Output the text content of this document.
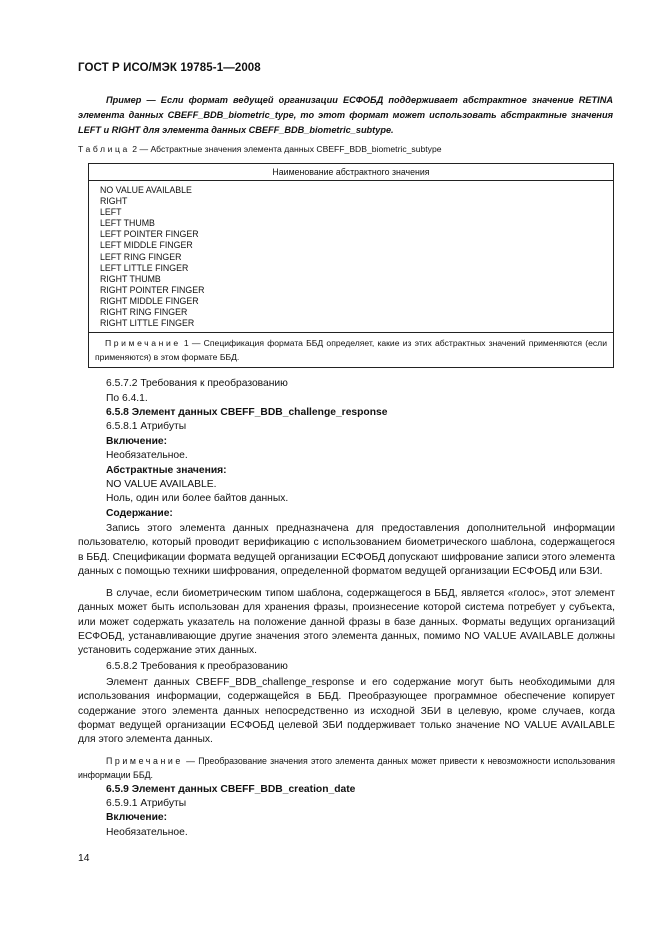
ГОСТ Р ИСО/МЭК 19785-1—2008

Пример — Если формат ведущей организации ЕСФОБД поддерживает абстрактное значение RETINA элемента данных CBEFF_BDB_biometric_type, то этот формат может использовать абстрактные значения LEFT и RIGHT для элемента данных CBEFF_BDB_biometric_subtype.

Таблица 2 — Абстрактные значения элемента данных CBEFF_BDB_biometric_subtype
Наименование абстрактного значения
NO VALUE AVAILABLE
RIGHT
LEFT
LEFT THUMB
LEFT POINTER FINGER
LEFT MIDDLE FINGER
LEFT RING FINGER
LEFT LITTLE FINGER
RIGHT THUMB
RIGHT POINTER FINGER
RIGHT MIDDLE FINGER
RIGHT RING FINGER
RIGHT LITTLE FINGER

Примечание 1 — Спецификация формата ББД определяет, какие из этих абстрактных значений применяются (если применяются) в этом формате ББД.

6.5.7.2 Требования к преобразованию
По 6.4.1.
6.5.8 Элемент данных CBEFF_BDB_challenge_response
6.5.8.1 Атрибуты
Включение:
Необязательное.
Абстрактные значения:
NO VALUE AVAILABLE.
Ноль, один или более байтов данных.
Содержание:

Запись этого элемента данных предназначена для предоставления дополнительной информации пользователю, который проводит верификацию с использованием биометрического шаблона, содержащегося в ББД. Спецификации формата ведущей организации ЕСФОБД допускают шифрование записи этого элемента данных с помощью техники шифрования, определенной форматом ведущей организации ЕСФОБД или БЗИ.

В случае, если биометрическим типом шаблона, содержащегося в ББД, является «голос», этот элемент данных может быть использован для хранения фразы, произнесение которой система потребует у субъекта, или может содержать указатель на положение данной фразы в базе данных. Форматы ведущих организаций ЕСФОБД, устанавливающие другие значения этого элемента данных, помимо NO VALUE AVAILABLE должны установить содержание этих данных.

6.5.8.2 Требования к преобразованию

Элемент данных CBEFF_BDB_challenge_response и его содержание могут быть необходимыми для использования информации, содержащейся в ББД. Преобразующее программное обеспечение копирует содержание этого элемента данных непосредственно из исходной ЗБИ в целевую, кроме случаев, когда формат ведущей организации ЕСФОБД целевой ЗБИ поддерживает только значение NO VALUE AVAILABLE для этого элемента данных.

6.5.9 Элемент данных CBEFF_BDB_creation_date
6.5.9.1 Атрибуты
Включение:
Необязательное.

Примечание — Преобразование значения этого элемента данных может привести к невозможности использования информации ББД.

14
